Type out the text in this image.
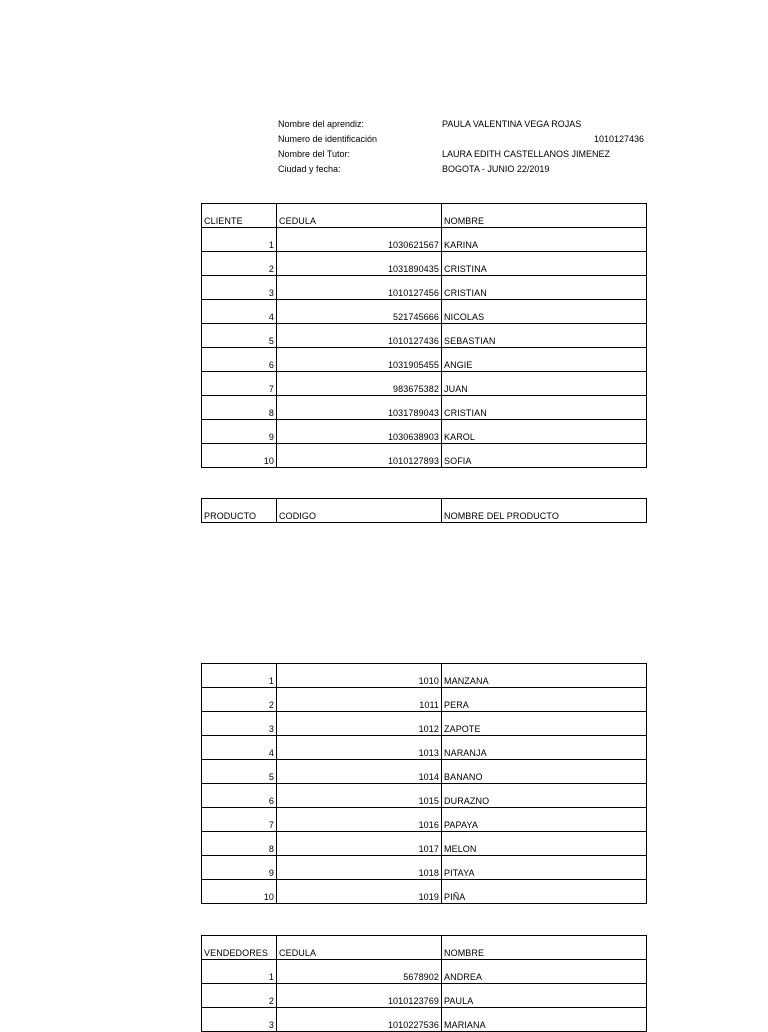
Nombre del aprendiz:	PAULA VALENTINA VEGA ROJAS
Numero de identificación	1010127436
Nombre del Tutor:	LAURA EDITH CASTELLANOS JIMENEZ
Ciudad y fecha:	BOGOTA - JUNIO 22/2019
CLIENTE	CEDULA	NOMBRE
1	1030621567	KARINA
2	1031890435	CRISTINA
3	1010127456	CRISTIAN
4	521745666	NICOLAS
5	1010127436	SEBASTIAN
6	1031905455	ANGIE
7	983675382	JUAN
8	1031789043	CRISTIAN
9	1030638903	KAROL
10	1010127893	SOFIA
PRODUCTO	CODIGO	NOMBRE DEL PRODUCTO
1	1010	MANZANA
2	1011	PERA
3	1012	ZAPOTE
4	1013	NARANJA
5	1014	BANANO
6	1015	DURAZNO
7	1016	PAPAYA
8	1017	MELON
9	1018	PITAYA
10	1019	PIÑA
VENDEDORES	CEDULA	NOMBRE
1	5678902	ANDREA
2	1010123769	PAULA
3	1010227536	MARIANA
